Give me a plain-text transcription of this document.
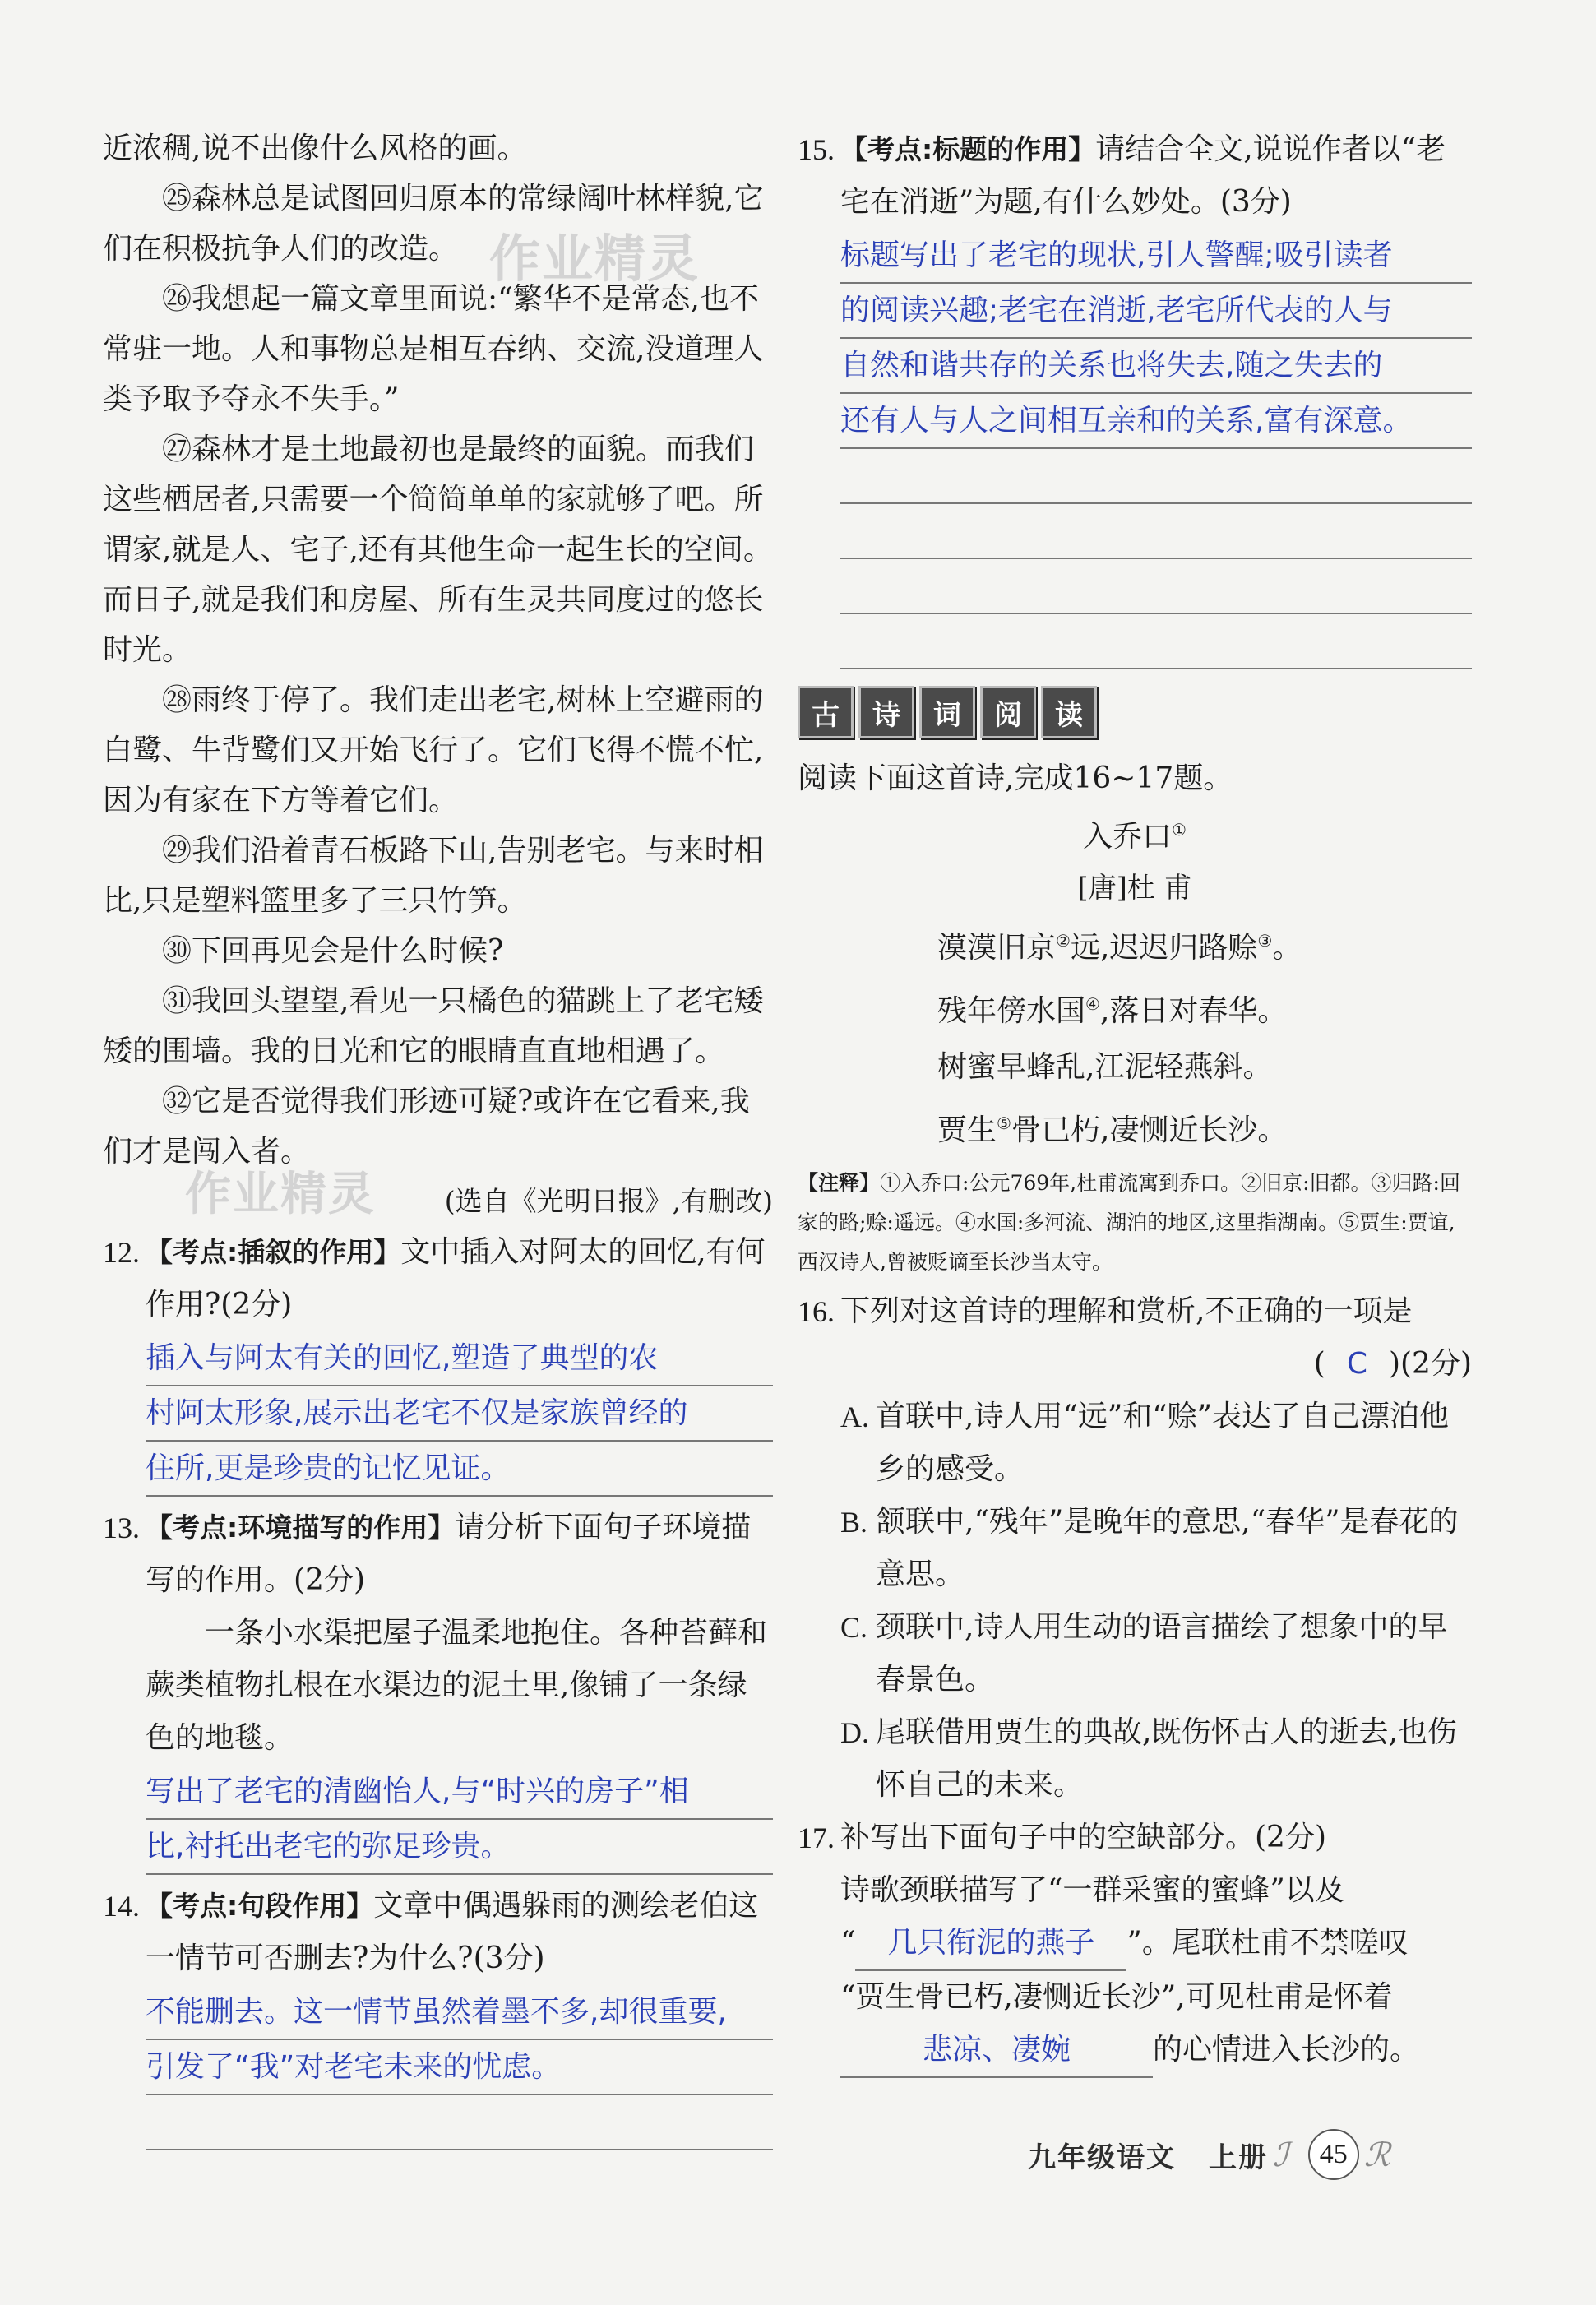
作业精灵

近浓稠,说不出像什么风格的画。

㉕森林总是试图回归原本的常绿阔叶林样貌,它们在积极抗争人们的改造。

㉖我想起一篇文章里面说:“繁华不是常态,也不常驻一地。人和事物总是相互吞纳、交流,没道理人类予取予夺永不失手。”

㉗森林才是土地最初也是最终的面貌。而我们这些栖居者,只需要一个简简单单的家就够了吧。所谓家,就是人、宅子,还有其他生命一起生长的空间。而日子,就是我们和房屋、所有生灵共同度过的悠长时光。

㉘雨终于停了。我们走出老宅,树林上空避雨的白鹭、牛背鹭们又开始飞行了。它们飞得不慌不忙,因为有家在下方等着它们。

㉙我们沿着青石板路下山,告别老宅。与来时相比,只是塑料篮里多了三只竹笋。

㉚下回再见会是什么时候?

㉛我回头望望,看见一只橘色的猫跳上了老宅矮矮的围墙。我的目光和它的眼睛直直地相遇了。

㉜它是否觉得我们形迹可疑?或许在它看来,我们才是闯入者。

作业精灵	(选自《光明日报》,有删改)
12. 【考点:插叙的作用】文中插入对阿太的回忆,有何作用?(2分)
插入与阿太有关的回忆,塑造了典型的农
村阿太形象,展示出老宅不仅是家族曾经的
住所,更是珍贵的记忆见证。
13. 【考点:环境描写的作用】请分析下面句子环境描写的作用。(2分)
一条小水渠把屋子温柔地抱住。各种苔藓和蕨类植物扎根在水渠边的泥土里,像铺了一条绿色的地毯。
写出了老宅的清幽怡人,与“时兴的房子”相
比,衬托出老宅的弥足珍贵。
14. 【考点:句段作用】文章中偶遇躲雨的测绘老伯这一情节可否删去?为什么?(3分)
不能删去。这一情节虽然着墨不多,却很重要,
引发了“我”对老宅未来的忧虑。
15. 【考点:标题的作用】请结合全文,说说作者以“老宅在消逝”为题,有什么妙处。(3分)
标题写出了老宅的现状,引人警醒;吸引读者
的阅读兴趣;老宅在消逝,老宅所代表的人与
自然和谐共存的关系也将失去,随之失去的
还有人与人之间相互亲和的关系,富有深意。
古	诗	词	阅	读

阅读下面这首诗,完成16~17题。

入乔口①
[唐]杜 甫
漠漠旧京②远,迟迟归路赊③。
残年傍水国④,落日对春华。
树蜜早蜂乱,江泥轻燕斜。
贾生⑤骨已朽,凄恻近长沙。
【注释】①入乔口:公元769年,杜甫流寓到乔口。②旧京:旧都。③归路:回家的路;赊:遥远。④水国:多河流、湖泊的地区,这里指湖南。⑤贾生:贾谊,西汉诗人,曾被贬谪至长沙当太守。
16. 下列对这首诗的理解和赏析,不正确的一项是
( C )(2分)
A. 首联中,诗人用“远”和“赊”表达了自己漂泊他乡的感受。
B. 颔联中,“残年”是晚年的意思,“春华”是春花的意思。
C. 颈联中,诗人用生动的语言描绘了想象中的早春景色。
D. 尾联借用贾生的典故,既伤怀古人的逝去,也伤怀自己的未来。
17. 补写出下面句子中的空缺部分。(2分)
诗歌颈联描写了“一群采蜜的蜜蜂”以及
“ 几只衔泥的燕子 ”。尾联杜甫不禁嗟叹
“贾生骨已朽,凄恻近长沙”,可见杜甫是怀着
悲凉、凄婉	的心情进入长沙的。
九年级语文 上册 ℐ	45 ℛ
